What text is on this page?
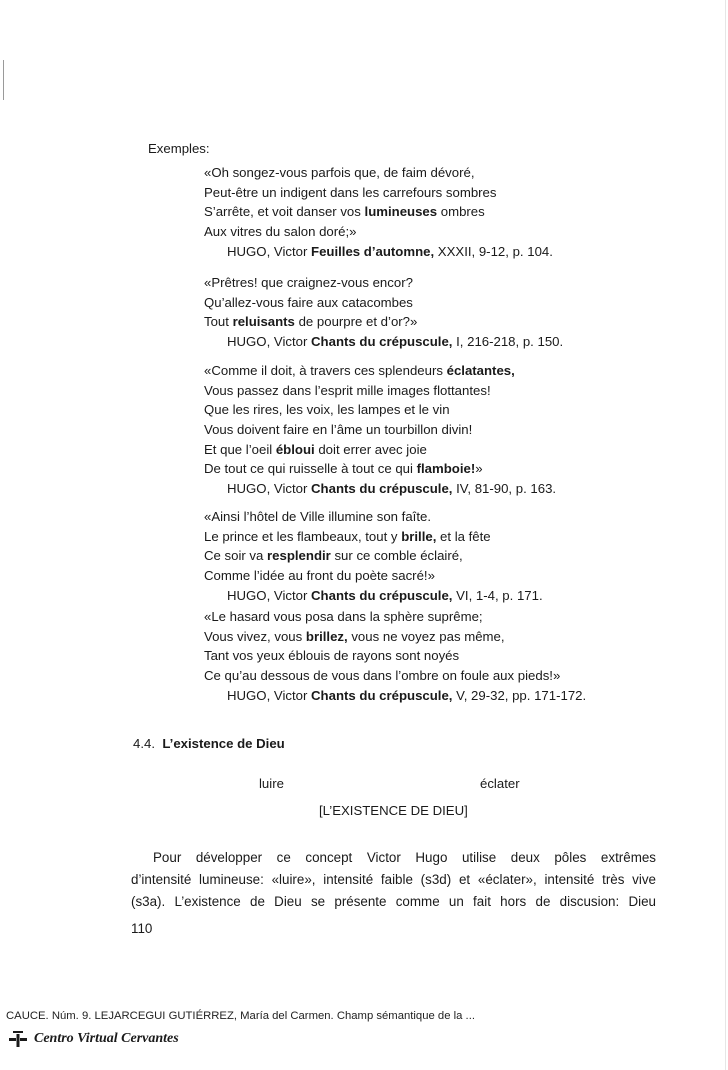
Exemples:
«Oh songez-vous parfois que, de faim dévoré,
Peut-être un indigent dans les carrefours sombres
S’arrête, et voit danser vos lumineuses ombres
Aux vitres du salon doré;»
HUGO, Victor Feuilles d’automne, XXXII, 9-12, p. 104.
«Prêtres! que craignez-vous encor?
Qu’allez-vous faire aux catacombes
Tout reluisants de pourpre et d’or?»
HUGO, Victor Chants du crépuscule, I, 216-218, p. 150.
«Comme il doit, à travers ces splendeurs éclatantes,
Vous passez dans l’esprit mille images flottantes!
Que les rires, les voix, les lampes et le vin
Vous doivent faire en l’âme un tourbillon divin!
Et que l’oeil ébloui doit errer avec joie
De tout ce qui ruisselle à tout ce qui flamboie!»
HUGO, Victor Chants du crépuscule, IV, 81-90, p. 163.
«Ainsi l’hôtel de Ville illumine son faîte.
Le prince et les flambeaux, tout y brille, et la fête
Ce soir va resplendir sur ce comble éclairé,
Comme l’idée au front du poète sacré!»
HUGO, Victor Chants du crépuscule, VI, 1-4, p. 171.
«Le hasard vous posa dans la sphère suprême;
Vous vivez, vous brillez, vous ne voyez pas même,
Tant vos yeux éblouis de rayons sont noyés
Ce qu’au dessous de vous dans l’ombre on foule aux pieds!»
HUGO, Victor Chants du crépuscule, V, 29-32, pp. 171-172.
4.4. L’existence de Dieu
luire	éclater
[L’EXISTENCE DE DIEU]
Pour développer ce concept Victor Hugo utilise deux pôles extrêmes
d’intensité lumineuse: «luire», intensité faible (s3d) et «éclater», intensité très vive
(s3a). L’existence de Dieu se présente comme un fait hors de discusion: Dieu
110
CAUCE. Núm. 9. LEJARCEGUI GUTIÉRREZ, María del Carmen. Champ sémantique de la ...
Centro Virtual Cervantes
